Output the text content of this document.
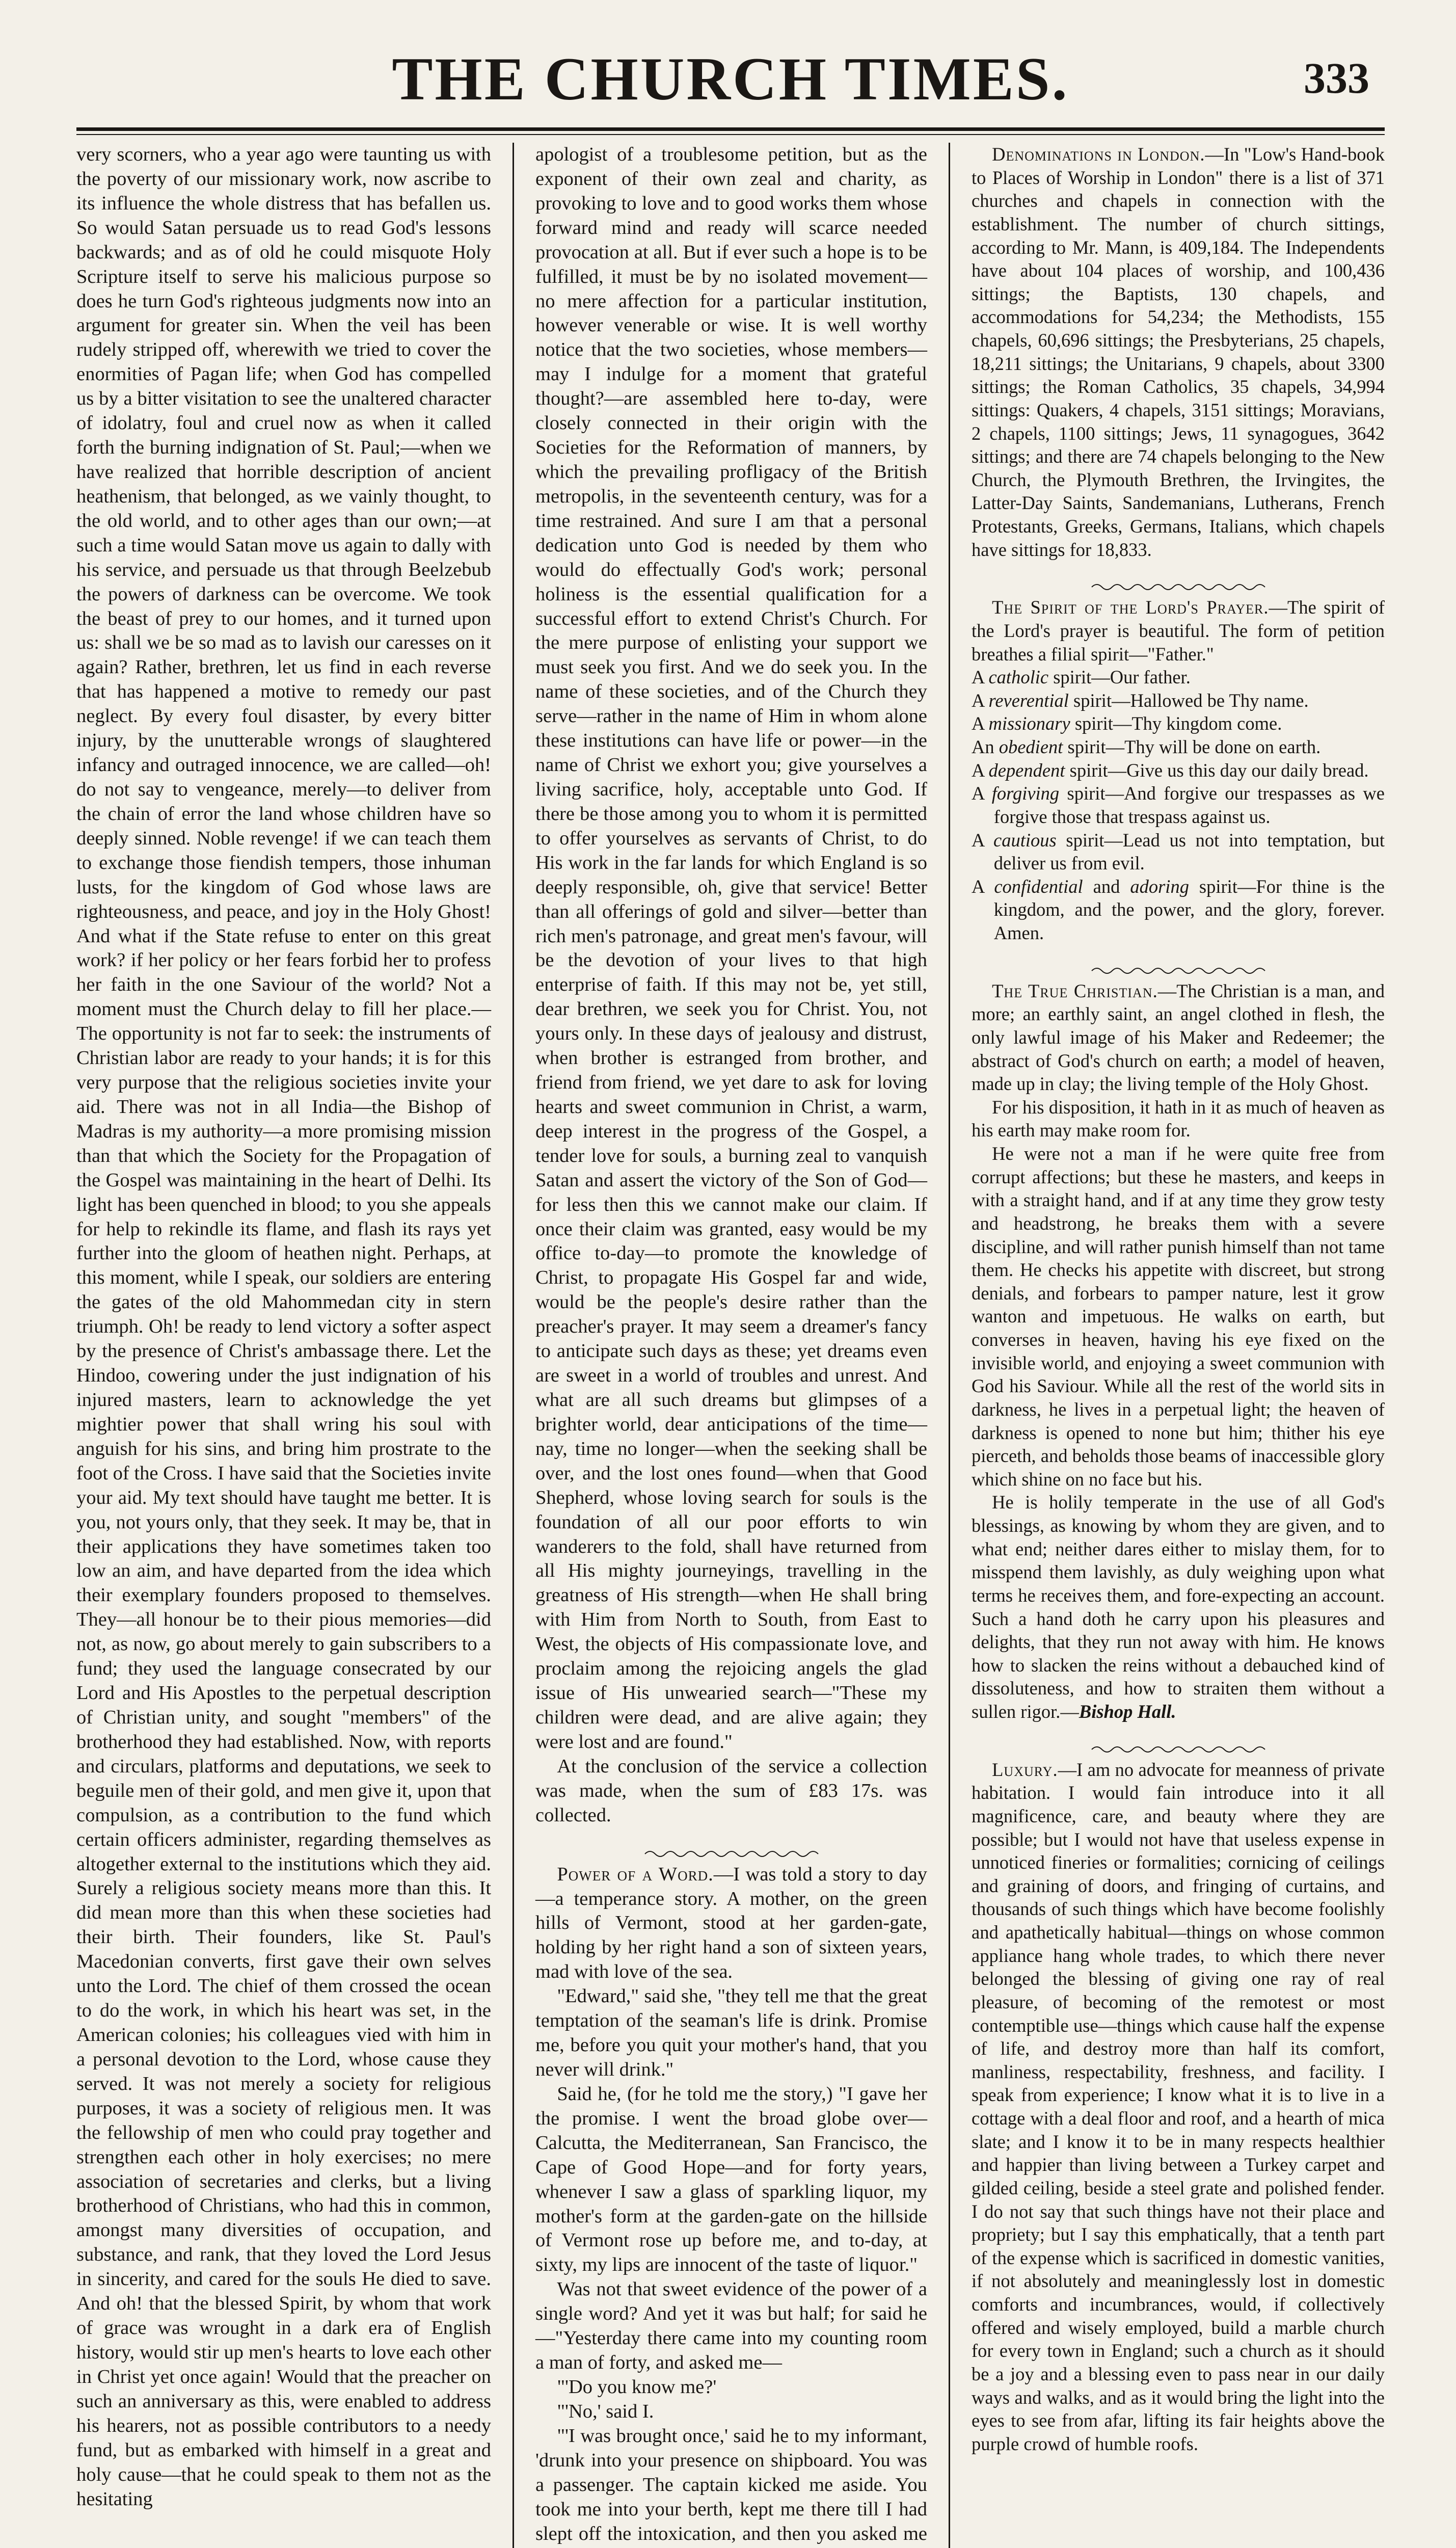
THE CHURCH TIMES.	333

very scorners, who a year ago were taunting us with the poverty of our missionary work, now ascribe to its influence the whole distress that has befallen us. So would Satan persuade us to read God's lessons backwards; and as of old he could misquote Holy Scripture itself to serve his malicious purpose so does he turn God's righteous judgments now into an argument for greater sin. When the veil has been rudely stripped off, wherewith we tried to cover the enormities of Pagan life; when God has compelled us by a bitter visitation to see the unaltered character of idolatry, foul and cruel now as when it called forth the burning indignation of St. Paul;—when we have realized that horrible description of ancient heathenism, that belonged, as we vainly thought, to the old world, and to other ages than our own;—at such a time would Satan move us again to dally with his service, and persuade us that through Beelzebub the powers of darkness can be overcome. We took the beast of prey to our homes, and it turned upon us: shall we be so mad as to lavish our caresses on it again? Rather, brethren, let us find in each reverse that has happened a motive to remedy our past neglect. By every foul disaster, by every bitter injury, by the unutterable wrongs of slaughtered infancy and outraged innocence, we are called—oh! do not say to vengeance, merely—to deliver from the chain of error the land whose children have so deeply sinned. Noble revenge! if we can teach them to exchange those fiendish tempers, those inhuman lusts, for the kingdom of God whose laws are righteousness, and peace, and joy in the Holy Ghost! And what if the State refuse to enter on this great work? if her policy or her fears forbid her to profess her faith in the one Saviour of the world? Not a moment must the Church delay to fill her place.—The opportunity is not far to seek: the instruments of Christian labor are ready to your hands; it is for this very purpose that the religious societies invite your aid. There was not in all India—the Bishop of Madras is my authority—a more promising mission than that which the Society for the Propagation of the Gospel was maintaining in the heart of Delhi. Its light has been quenched in blood; to you she appeals for help to rekindle its flame, and flash its rays yet further into the gloom of heathen night. Perhaps, at this moment, while I speak, our soldiers are entering the gates of the old Mahommedan city in stern triumph. Oh! be ready to lend victory a softer aspect by the presence of Christ's ambassage there. Let the Hindoo, cowering under the just indignation of his injured masters, learn to acknowledge the yet mightier power that shall wring his soul with anguish for his sins, and bring him prostrate to the foot of the Cross. I have said that the Societies invite your aid. My text should have taught me better. It is you, not yours only, that they seek. It may be, that in their applications they have sometimes taken too low an aim, and have departed from the idea which their exemplary founders proposed to themselves. They—all honour be to their pious memories—did not, as now, go about merely to gain subscribers to a fund; they used the language consecrated by our Lord and His Apostles to the perpetual description of Christian unity, and sought "members" of the brotherhood they had established. Now, with reports and circulars, platforms and deputations, we seek to beguile men of their gold, and men give it, upon that compulsion, as a contribution to the fund which certain officers administer, regarding themselves as altogether external to the institutions which they aid. Surely a religious society means more than this. It did mean more than this when these societies had their birth. Their founders, like St. Paul's Macedonian converts, first gave their own selves unto the Lord. The chief of them crossed the ocean to do the work, in which his heart was set, in the American colonies; his colleagues vied with him in a personal devotion to the Lord, whose cause they served. It was not merely a society for religious purposes, it was a society of religious men. It was the fellowship of men who could pray together and strengthen each other in holy exercises; no mere association of secretaries and clerks, but a living brotherhood of Christians, who had this in common, amongst many diversities of occupation, and substance, and rank, that they loved the Lord Jesus in sincerity, and cared for the souls He died to save. And oh! that the blessed Spirit, by whom that work of grace was wrought in a dark era of English history, would stir up men's hearts to love each other in Christ yet once again! Would that the preacher on such an anniversary as this, were enabled to address his hearers, not as possible contributors to a needy fund, but as embarked with himself in a great and holy cause—that he could speak to them not as the hesitating

apologist of a troublesome petition, but as the exponent of their own zeal and charity, as provoking to love and to good works them whose forward mind and ready will scarce needed provocation at all. But if ever such a hope is to be fulfilled, it must be by no isolated movement—no mere affection for a particular institution, however venerable or wise. It is well worthy notice that the two societies, whose members—may I indulge for a moment that grateful thought?—are assembled here to-day, were closely connected in their origin with the Societies for the Reformation of manners, by which the prevailing profligacy of the British metropolis, in the seventeenth century, was for a time restrained. And sure I am that a personal dedication unto God is needed by them who would do effectually God's work; personal holiness is the essential qualification for a successful effort to extend Christ's Church. For the mere purpose of enlisting your support we must seek you first. And we do seek you. In the name of these societies, and of the Church they serve—rather in the name of Him in whom alone these institutions can have life or power—in the name of Christ we exhort you; give yourselves a living sacrifice, holy, acceptable unto God. If there be those among you to whom it is permitted to offer yourselves as servants of Christ, to do His work in the far lands for which England is so deeply responsible, oh, give that service! Better than all offerings of gold and silver—better than rich men's patronage, and great men's favour, will be the devotion of your lives to that high enterprise of faith. If this may not be, yet still, dear brethren, we seek you for Christ. You, not yours only. In these days of jealousy and distrust, when brother is estranged from brother, and friend from friend, we yet dare to ask for loving hearts and sweet communion in Christ, a warm, deep interest in the progress of the Gospel, a tender love for souls, a burning zeal to vanquish Satan and assert the victory of the Son of God—for less then this we cannot make our claim. If once their claim was granted, easy would be my office to-day—to promote the knowledge of Christ, to propagate His Gospel far and wide, would be the people's desire rather than the preacher's prayer. It may seem a dreamer's fancy to anticipate such days as these; yet dreams even are sweet in a world of troubles and unrest. And what are all such dreams but glimpses of a brighter world, dear anticipations of the time—nay, time no longer—when the seeking shall be over, and the lost ones found—when that Good Shepherd, whose loving search for souls is the foundation of all our poor efforts to win wanderers to the fold, shall have returned from all His mighty journeyings, travelling in the greatness of His strength—when He shall bring with Him from North to South, from East to West, the objects of His compassionate love, and proclaim among the rejoicing angels the glad issue of His unwearied search—"These my children were dead, and are alive again; they were lost and are found."

At the conclusion of the service a collection was made, when the sum of £83 17s. was collected.

Power of a Word.—I was told a story to day—a temperance story. A mother, on the green hills of Vermont, stood at her garden-gate, holding by her right hand a son of sixteen years, mad with love of the sea.

"Edward," said she, "they tell me that the great temptation of the seaman's life is drink. Promise me, before you quit your mother's hand, that you never will drink."

Said he, (for he told me the story,) "I gave her the promise. I went the broad globe over—Calcutta, the Mediterranean, San Francisco, the Cape of Good Hope—and for forty years, whenever I saw a glass of sparkling liquor, my mother's form at the garden-gate on the hillside of Vermont rose up before me, and to-day, at sixty, my lips are innocent of the taste of liquor."

Was not that sweet evidence of the power of a single word? And yet it was but half; for said he—"Yesterday there came into my counting room a man of forty, and asked me—

"'Do you know me?'

"'No,' said I.

"'I was brought once,' said he to my informant, 'drunk into your presence on shipboard. You was a passenger. The captain kicked me aside. You took me into your berth, kept me there till I had slept off the intoxication, and then you asked me

Denominations in London.—In "Low's Hand-book to Places of Worship in London" there is a list of 371 churches and chapels in connection with the establishment. The number of church sittings, according to Mr. Mann, is 409,184. The Independents have about 104 places of worship, and 100,436 sittings; the Baptists, 130 chapels, and accommodations for 54,234; the Methodists, 155 chapels, 60,696 sittings; the Presbyterians, 25 chapels, 18,211 sittings; the Unitarians, 9 chapels, about 3300 sittings; the Roman Catholics, 35 chapels, 34,994 sittings: Quakers, 4 chapels, 3151 sittings; Moravians, 2 chapels, 1100 sittings; Jews, 11 synagogues, 3642 sittings; and there are 74 chapels belonging to the New Church, the Plymouth Brethren, the Irvingites, the Latter-Day Saints, Sandemanians, Lutherans, French Protestants, Greeks, Germans, Italians, which chapels have sittings for 18,833.

The Spirit of the Lord's Prayer.—The spirit of the Lord's prayer is beautiful. The form of petition breathes a filial spirit—"Father."

A catholic spirit—Our father.

A reverential spirit—Hallowed be Thy name.

A missionary spirit—Thy kingdom come.

An obedient spirit—Thy will be done on earth.

A dependent spirit—Give us this day our daily bread.

A forgiving spirit—And forgive our trespasses as we forgive those that trespass against us.

A cautious spirit—Lead us not into temptation, but deliver us from evil.

A confidential and adoring spirit—For thine is the kingdom, and the power, and the glory, forever. Amen.

The True Christian.—The Christian is a man, and more; an earthly saint, an angel clothed in flesh, the only lawful image of his Maker and Redeemer; the abstract of God's church on earth; a model of heaven, made up in clay; the living temple of the Holy Ghost.

For his disposition, it hath in it as much of heaven as his earth may make room for.

He were not a man if he were quite free from corrupt affections; but these he masters, and keeps in with a straight hand, and if at any time they grow testy and headstrong, he breaks them with a severe discipline, and will rather punish himself than not tame them. He checks his appetite with discreet, but strong denials, and forbears to pamper nature, lest it grow wanton and impetuous. He walks on earth, but converses in heaven, having his eye fixed on the invisible world, and enjoying a sweet communion with God his Saviour. While all the rest of the world sits in darkness, he lives in a perpetual light; the heaven of darkness is opened to none but him; thither his eye pierceth, and beholds those beams of inaccessible glory which shine on no face but his.

He is holily temperate in the use of all God's blessings, as knowing by whom they are given, and to what end; neither dares either to mislay them, for to misspend them lavishly, as duly weighing upon what terms he receives them, and fore-expecting an account. Such a hand doth he carry upon his pleasures and delights, that they run not away with him. He knows how to slacken the reins without a debauched kind of dissoluteness, and how to straiten them without a sullen rigor.—Bishop Hall.

Luxury.—I am no advocate for meanness of private habitation. I would fain introduce into it all magnificence, care, and beauty where they are possible; but I would not have that useless expense in unnoticed fineries or formalities; cornicing of ceilings and graining of doors, and fringing of curtains, and thousands of such things which have become foolishly and apathetically habitual—things on whose common appliance hang whole trades, to which there never belonged the blessing of giving one ray of real pleasure, of becoming of the remotest or most contemptible use—things which cause half the expense of life, and destroy more than half its comfort, manliness, respectability, freshness, and facility. I speak from experience; I know what it is to live in a cottage with a deal floor and roof, and a hearth of mica slate; and I know it to be in many respects healthier and happier than living between a Turkey carpet and gilded ceiling, beside a steel grate and polished fender. I do not say that such things have not their place and propriety; but I say this emphatically, that a tenth part of the expense which is sacrificed in domestic vanities, if not absolutely and meaninglessly lost in domestic comforts and incumbrances, would, if collectively offered and wisely employed, build a marble church for every town in England; such a church as it should be a joy and a blessing even to pass near in our daily ways and walks, and as it would bring the light into the eyes to see from afar, lifting its fair heights above the purple crowd of humble roofs.
